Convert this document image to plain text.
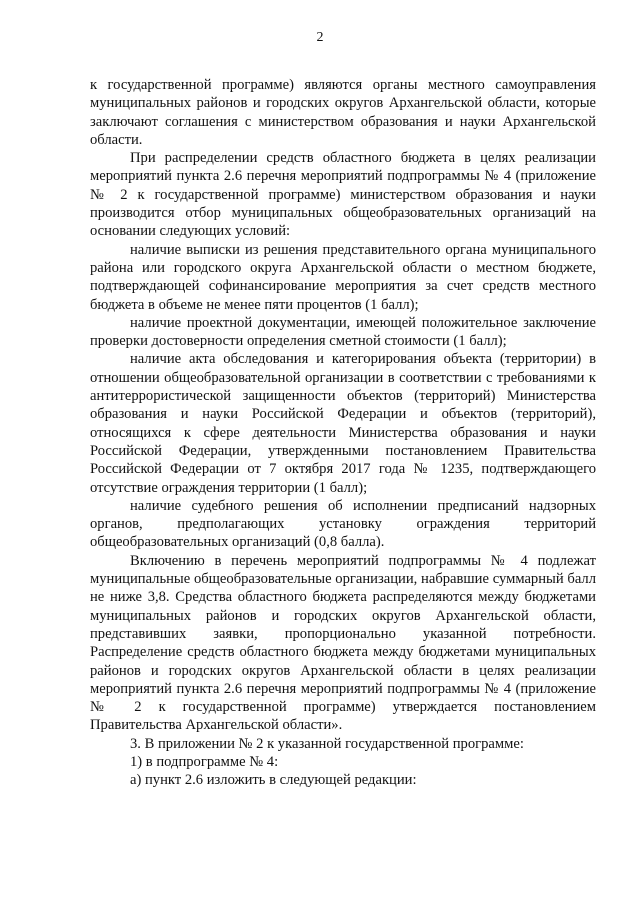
2

к государственной программе) являются органы местного самоуправления муниципальных районов и городских округов Архангельской области, которые заключают соглашения с министерством образования и науки Архангельской области.

При распределении средств областного бюджета в целях реализации мероприятий пункта 2.6 перечня мероприятий подпрограммы № 4 (приложение № 2 к государственной программе) министерством образования и науки производится отбор муниципальных общеобразовательных организаций на основании следующих условий:

наличие выписки из решения представительного органа муниципального района или городского округа Архангельской области о местном бюджете, подтверждающей софинансирование мероприятия за счет средств местного бюджета в объеме не менее пяти процентов (1 балл);

наличие проектной документации, имеющей положительное заключение проверки достоверности определения сметной стоимости (1 балл);

наличие акта обследования и категорирования объекта (территории) в отношении общеобразовательной организации в соответствии с требованиями к антитеррористической защищенности объектов (территорий) Министерства образования и науки Российской Федерации и объектов (территорий), относящихся к сфере деятельности Министерства образования и науки Российской Федерации, утвержденными постановлением Правительства Российской Федерации от 7 октября 2017 года № 1235, подтверждающего отсутствие ограждения территории (1 балл);

наличие судебного решения об исполнении предписаний надзорных органов, предполагающих установку ограждения территорий общеобразовательных организаций (0,8 балла).

Включению в перечень мероприятий подпрограммы № 4 подлежат муниципальные общеобразовательные организации, набравшие суммарный балл не ниже 3,8. Средства областного бюджета распределяются между бюджетами муниципальных районов и городских округов Архангельской области, представивших заявки, пропорционально указанной потребности. Распределение средств областного бюджета между бюджетами муниципальных районов и городских округов Архангельской области в целях реализации мероприятий пункта 2.6 перечня мероприятий подпрограммы № 4 (приложение № 2 к государственной программе) утверждается постановлением Правительства Архангельской области».

3. В приложении № 2 к указанной государственной программе:

1) в подпрограмме № 4:

а) пункт 2.6 изложить в следующей редакции:
